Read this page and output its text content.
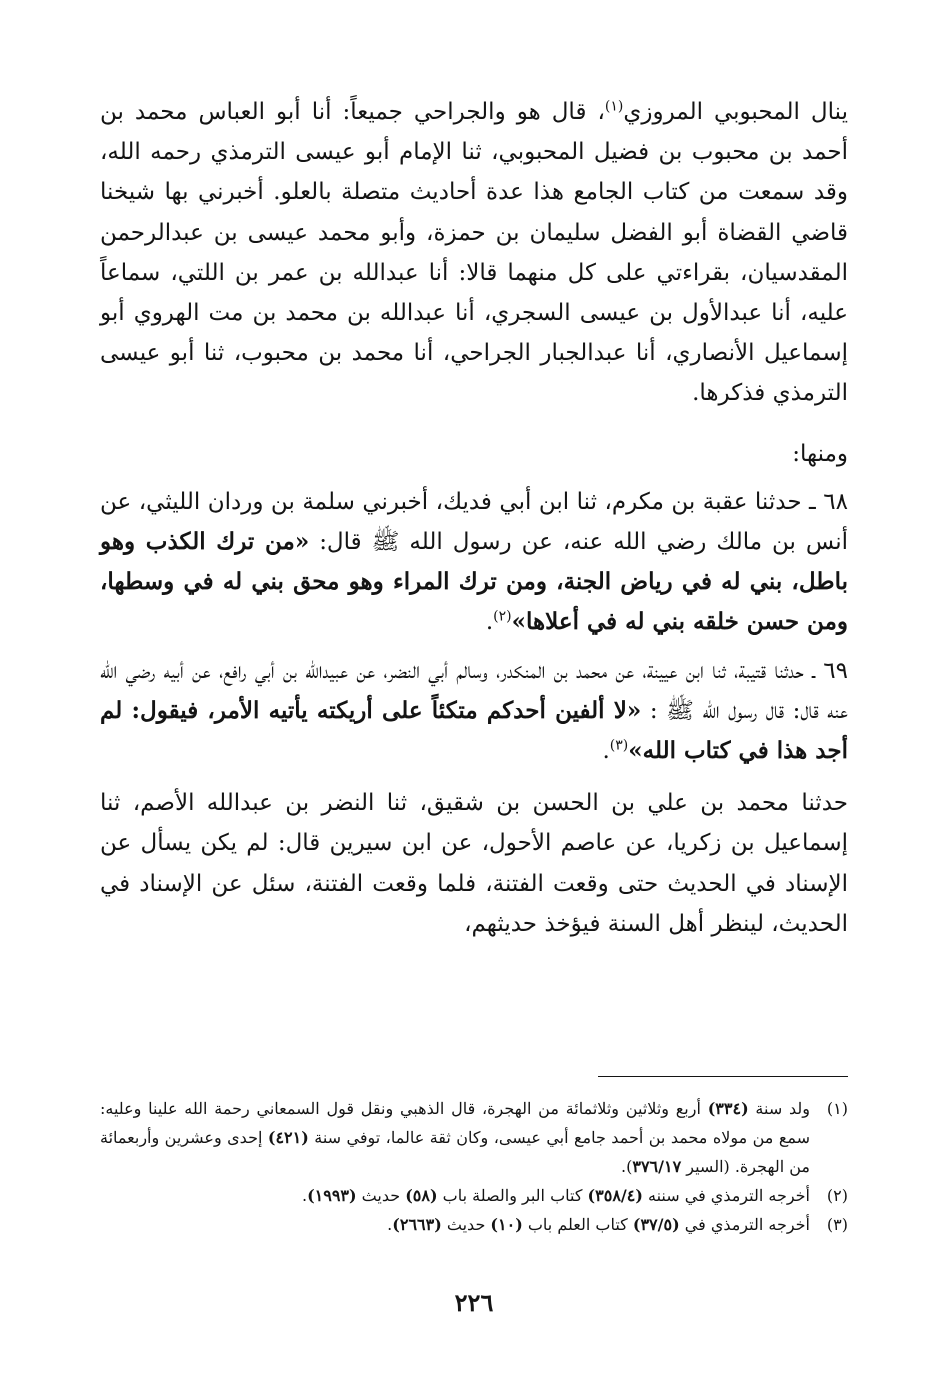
ينال المحبوبي المروزي$^{(١)}$، قال هو والجراحي جميعاً: أنا أبو العباس محمد بن أحمد بن محبوب بن فضيل المحبوبي، ثنا الإمام أبو عيسى الترمذي رحمه الله، وقد سمعت من كتاب الجامع هذا عدة أحاديث متصلة بالعلو. أخبرني بها شيخنا قاضي القضاة أبو الفضل سليمان بن حمزة، وأبو محمد عيسى بن عبدالرحمن المقدسيان، بقراءتي على كل منهما قالا: أنا عبدالله بن عمر بن اللتي، سماعاً عليه، أنا عبدالأول بن عيسى السجري، أنا عبدالله بن محمد بن مت الهروي أبو إسماعيل الأنصاري، أنا عبدالجبار الجراحي، أنا محمد بن محبوب، ثنا أبو عيسى الترمذي فذكرها.

ومنها:

٦٨ ـ حدثنا عقبة بن مكرم، ثنا ابن أبي فديك، أخبرني سلمة بن وردان الليثي، عن أنس بن مالك رضي الله عنه، عن رسول الله ﷺ قال: «من ترك الكذب وهو باطل، بني له في رياض الجنة، ومن ترك المراء وهو محق بني له في وسطها، ومن حسن خلقه بني له في أعلاها»$^{(٢)}$.

٦٩ ـ حدثنا قتيبة، ثنا ابن عيينة، عن محمد بن المنكدر، وسالم أبي النضر، عن عبيدالله بن أبي رافع، عن أبيه رضي الله عنه قال: قال رسول الله ﷺ : «لا ألفين أحدكم متكئاً على أريكته يأتيه الأمر، فيقول: لم أجد هذا في كتاب الله»$^{(٣)}$.

حدثنا محمد بن علي بن الحسن بن شقيق، ثنا النضر بن عبدالله الأصم، ثنا إسماعيل بن زكريا، عن عاصم الأحول، عن ابن سيرين قال: لم يكن يسأل عن الإسناد في الحديث حتى وقعت الفتنة، فلما وقعت الفتنة، سئل عن الإسناد في الحديث، لينظر أهل السنة فيؤخذ حديثهم،

(١)
ولد سنة (٣٣٤) أربع وثلاثين وثلاثمائة من الهجرة، قال الذهبي ونقل قول السمعاني رحمة الله علينا وعليه: سمع من مولاه محمد بن أحمد جامع أبي عيسى، وكان ثقة عالما، توفي سنة (٤٢١) إحدى وعشرين وأربعمائة من الهجرة. (السير ٣٧٦/١٧).

(٢)
أخرجه الترمذي في سننه (٣٥٨/٤) كتاب البر والصلة باب (٥٨) حديث (١٩٩٣).

(٣)
أخرجه الترمذي في (٣٧/٥) كتاب العلم باب (١٠) حديث (٢٦٦٣).

٢٢٦
